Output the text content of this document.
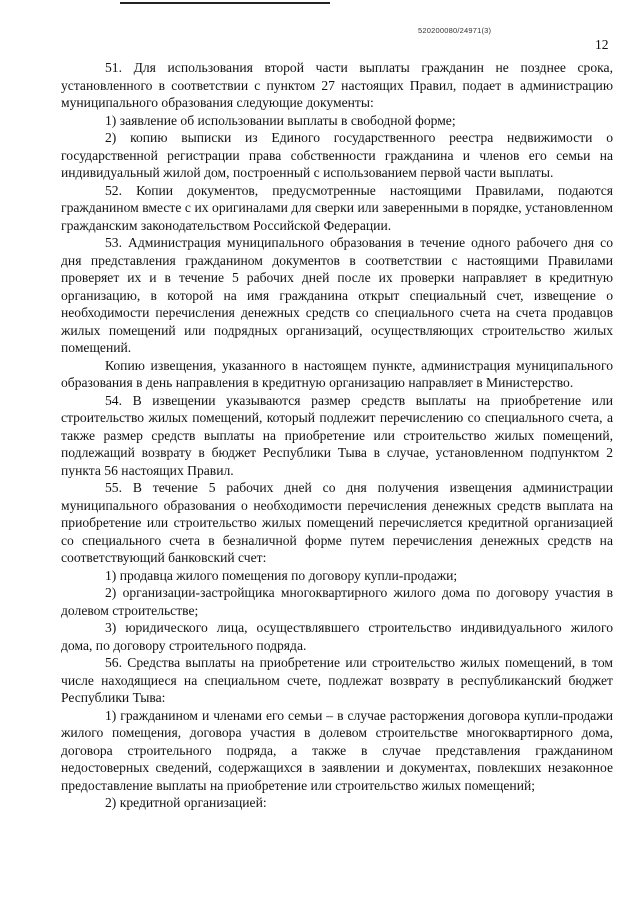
520200080/24971(3)
12

51. Для использования второй части выплаты гражданин не позднее срока, установленного в соответствии с пунктом 27 настоящих Правил, подает в администрацию муниципального образования следующие документы:

1) заявление об использовании выплаты в свободной форме;

2) копию выписки из Единого государственного реестра недвижимости о государственной регистрации права собственности гражданина и членов его семьи на индивидуальный жилой дом, построенный с использованием первой части выплаты.

52. Копии документов, предусмотренные настоящими Правилами, подаются гражданином вместе с их оригиналами для сверки или заверенными в порядке, установленном гражданским законодательством Российской Федерации.

53. Администрация муниципального образования в течение одного рабочего дня со дня представления гражданином документов в соответствии с настоящими Правилами проверяет их и в течение 5 рабочих дней после их проверки направляет в кредитную организацию, в которой на имя гражданина открыт специальный счет, извещение о необходимости перечисления денежных средств со специального счета на счета продавцов жилых помещений или подрядных организаций, осуществляющих строительство жилых помещений.

Копию извещения, указанного в настоящем пункте, администрация муниципального образования в день направления в кредитную организацию направляет в Министерство.

54. В извещении указываются размер средств выплаты на приобретение или строительство жилых помещений, который подлежит перечислению со специального счета, а также размер средств выплаты на приобретение или строительство жилых помещений, подлежащий возврату в бюджет Республики Тыва в случае, установленном подпунктом 2 пункта 56 настоящих Правил.

55. В течение 5 рабочих дней со дня получения извещения администрации муниципального образования о необходимости перечисления денежных средств выплата на приобретение или строительство жилых помещений перечисляется кредитной организацией со специального счета в безналичной форме путем перечисления денежных средств на соответствующий банковский счет:

1) продавца жилого помещения по договору купли-продажи;

2) организации-застройщика многоквартирного жилого дома по договору участия в долевом строительстве;

3) юридического лица, осуществлявшего строительство индивидуального жилого дома, по договору строительного подряда.

56. Средства выплаты на приобретение или строительство жилых помещений, в том числе находящиеся на специальном счете, подлежат возврату в республиканский бюджет Республики Тыва:

1) гражданином и членами его семьи – в случае расторжения договора купли-продажи жилого помещения, договора участия в долевом строительстве многоквартирного дома, договора строительного подряда, а также в случае представления гражданином недостоверных сведений, содержащихся в заявлении и документах, повлекших незаконное предоставление выплаты на приобретение или строительство жилых помещений;

2) кредитной организацией:
